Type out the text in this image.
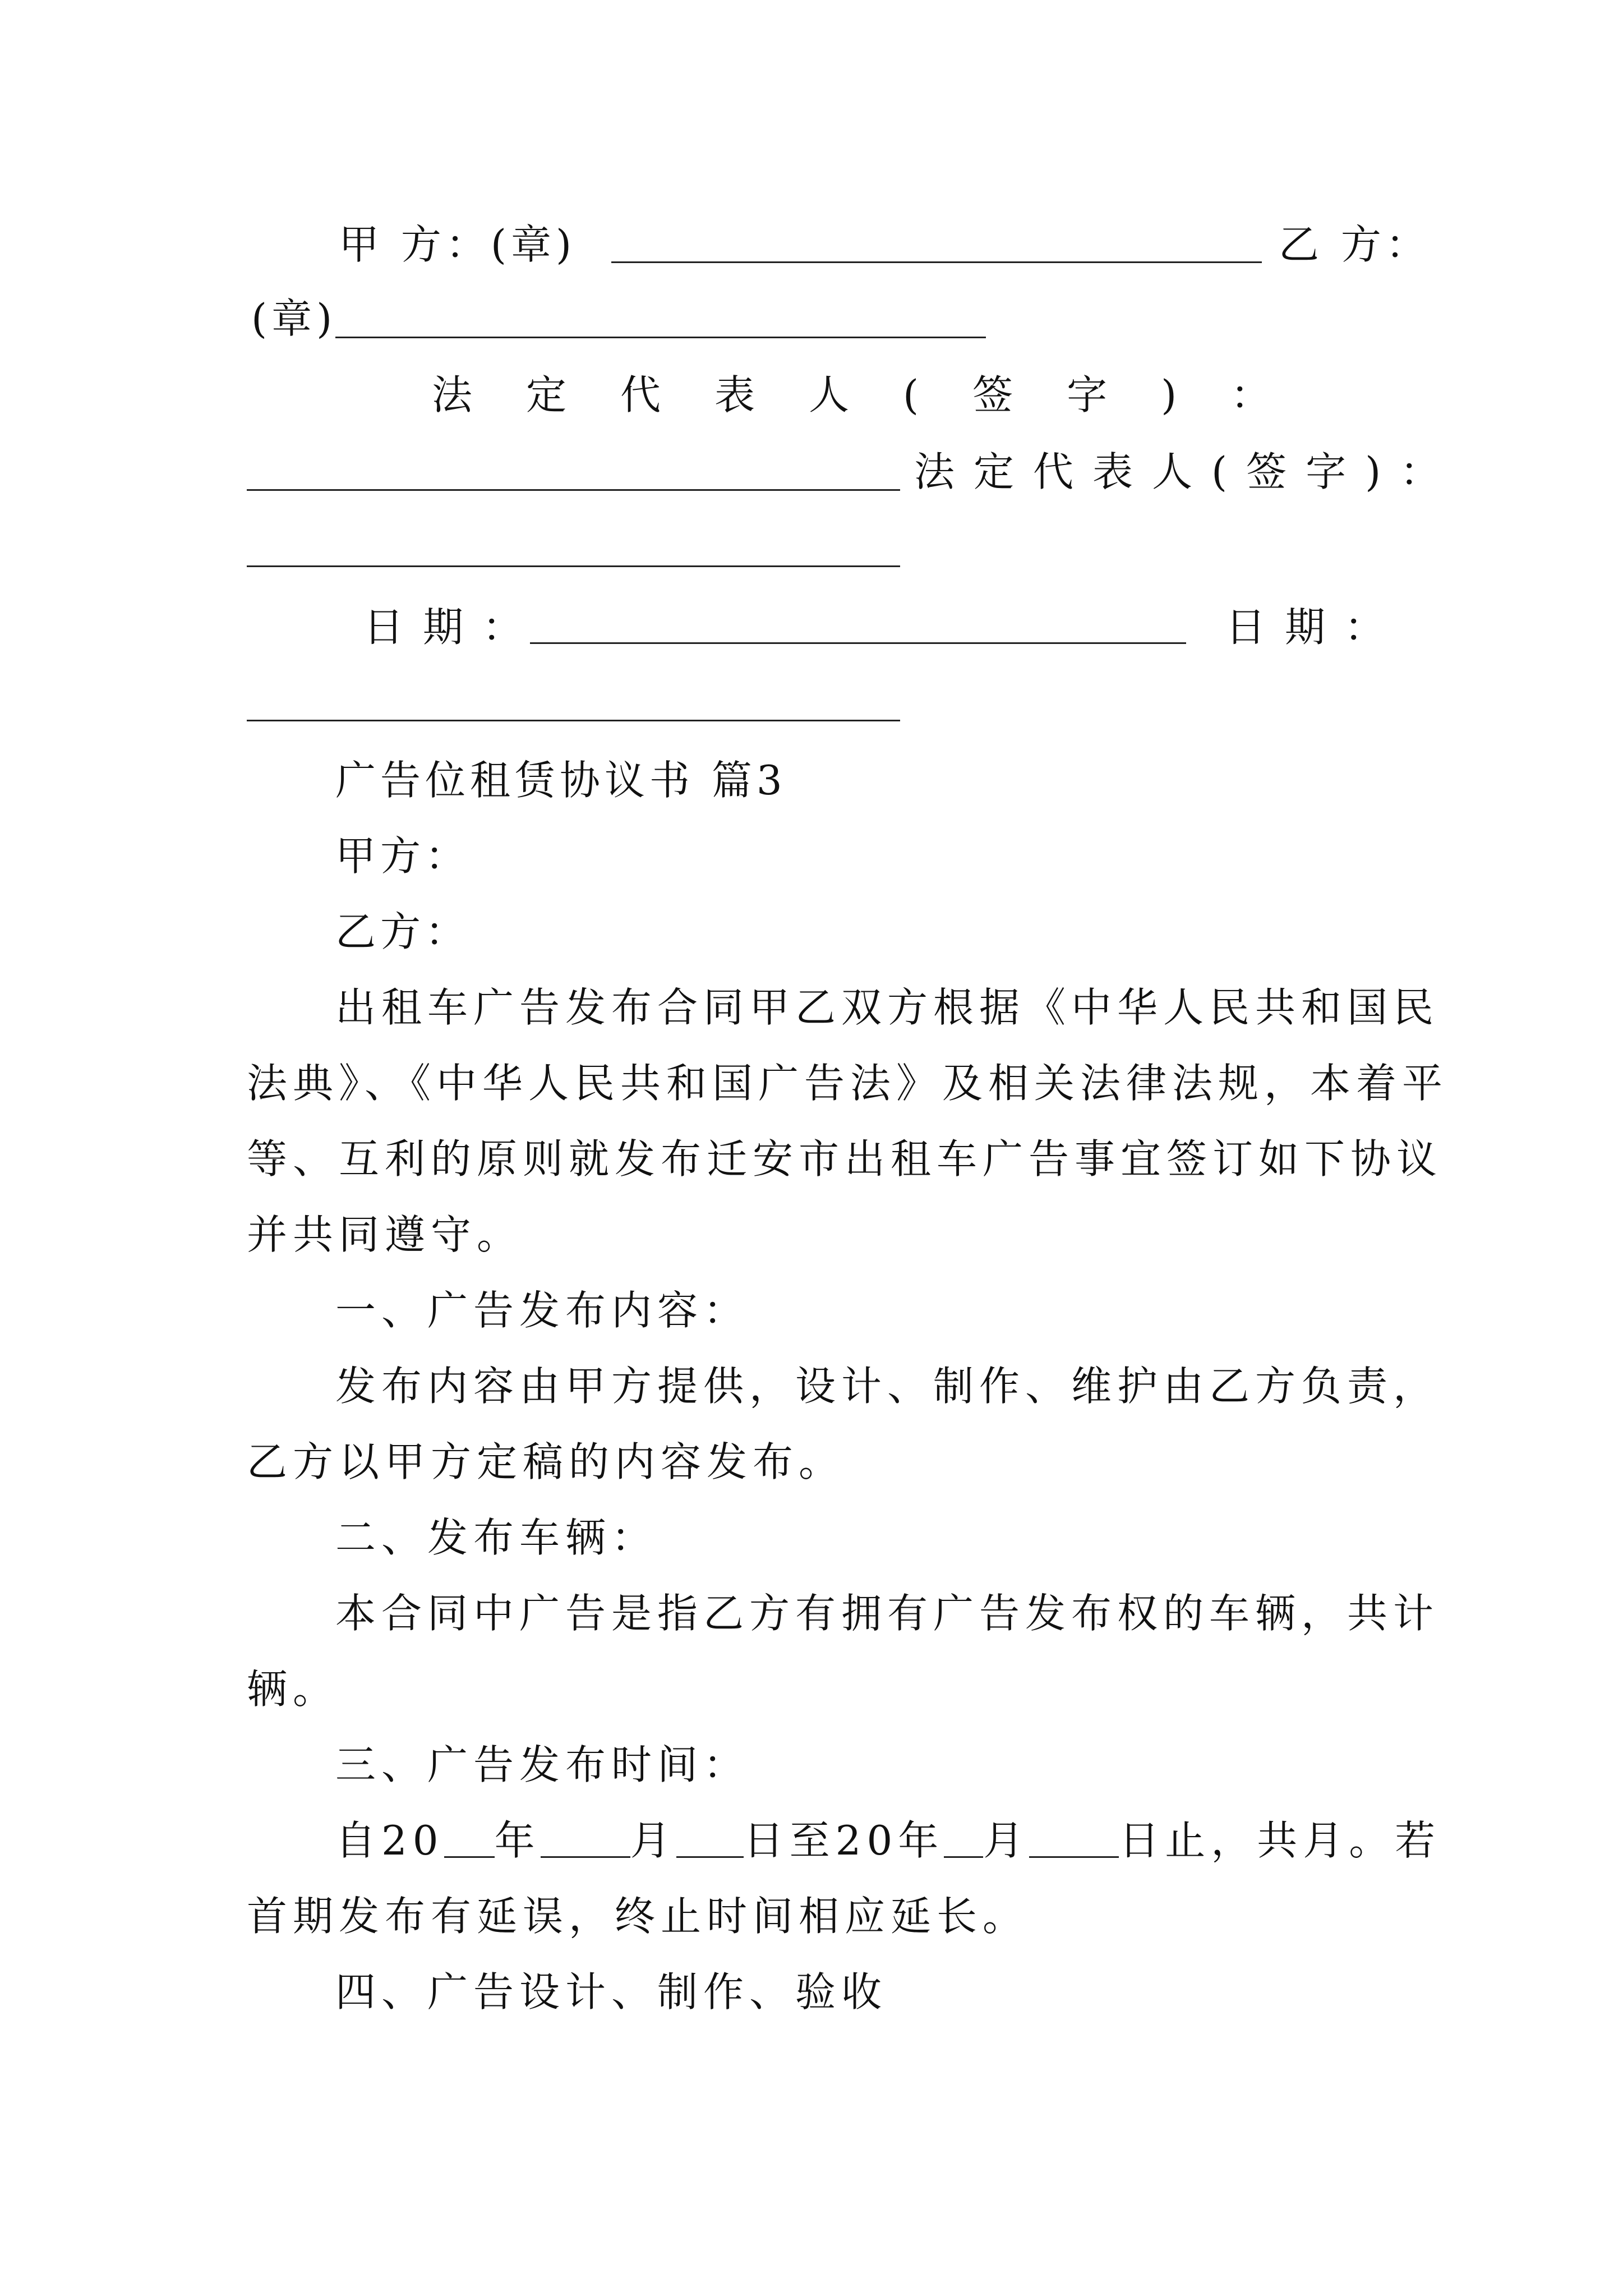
甲 方：(章)	乙 方：
(章)
法定代表人(签字)：
法定代表人(签字)：
日期：	日期：
广告位租赁协议书 篇3
甲方：
乙方：
出租车广告发布合同甲乙双方根据《中华人民共和国民
法典》、《中华人民共和国广告法》及相关法律法规，本着平
等、互利的原则就发布迁安市出租车广告事宜签订如下协议
并共同遵守。
一、广告发布内容：
发布内容由甲方提供，设计、制作、维护由乙方负责，
乙方以甲方定稿的内容发布。
二、发布车辆：
本合同中广告是指乙方有拥有广告发布权的车辆，共计
辆。
三、广告发布时间：
自20 年 月 日至20年 月 日止，共月。若
首期发布有延误，终止时间相应延长。
四、广告设计、制作、验收
